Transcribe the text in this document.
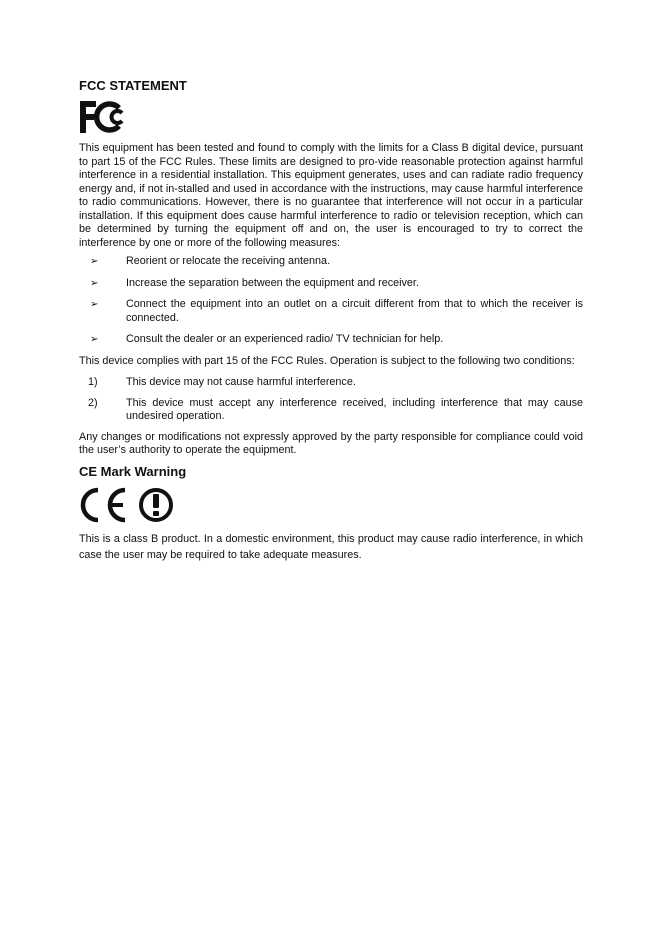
FCC STATEMENT

This equipment has been tested and found to comply with the limits for a Class B digital device, pursuant to part 15 of the FCC Rules. These limits are designed to pro-vide reasonable protection against harmful interference in a residential installation. This equipment generates, uses and can radiate radio frequency energy and, if not in-stalled and used in accordance with the instructions, may cause harmful interference to radio communications. However, there is no guarantee that interference will not occur in a particular installation. If this equipment does cause harmful interference to radio or television reception, which can be determined by turning the equipment off and on, the user is encouraged to try to correct the interference by one or more of the following measures:

➢	Reorient or relocate the receiving antenna.
➢	Increase the separation between the equipment and receiver.
➢	Connect the equipment into an outlet on a circuit different from that to which the receiver is connected.
➢	Consult the dealer or an experienced radio/ TV technician for help.

This device complies with part 15 of the FCC Rules. Operation is subject to the following two conditions:

1)	This device may not cause harmful interference.
2)	This device must accept any interference received, including interference that may cause undesired operation.

Any changes or modifications not expressly approved by the party responsible for compliance could void the user’s authority to operate the equipment.

CE Mark Warning

This is a class B product. In a domestic environment, this product may cause radio interference, in which case the user may be required to take adequate measures.
